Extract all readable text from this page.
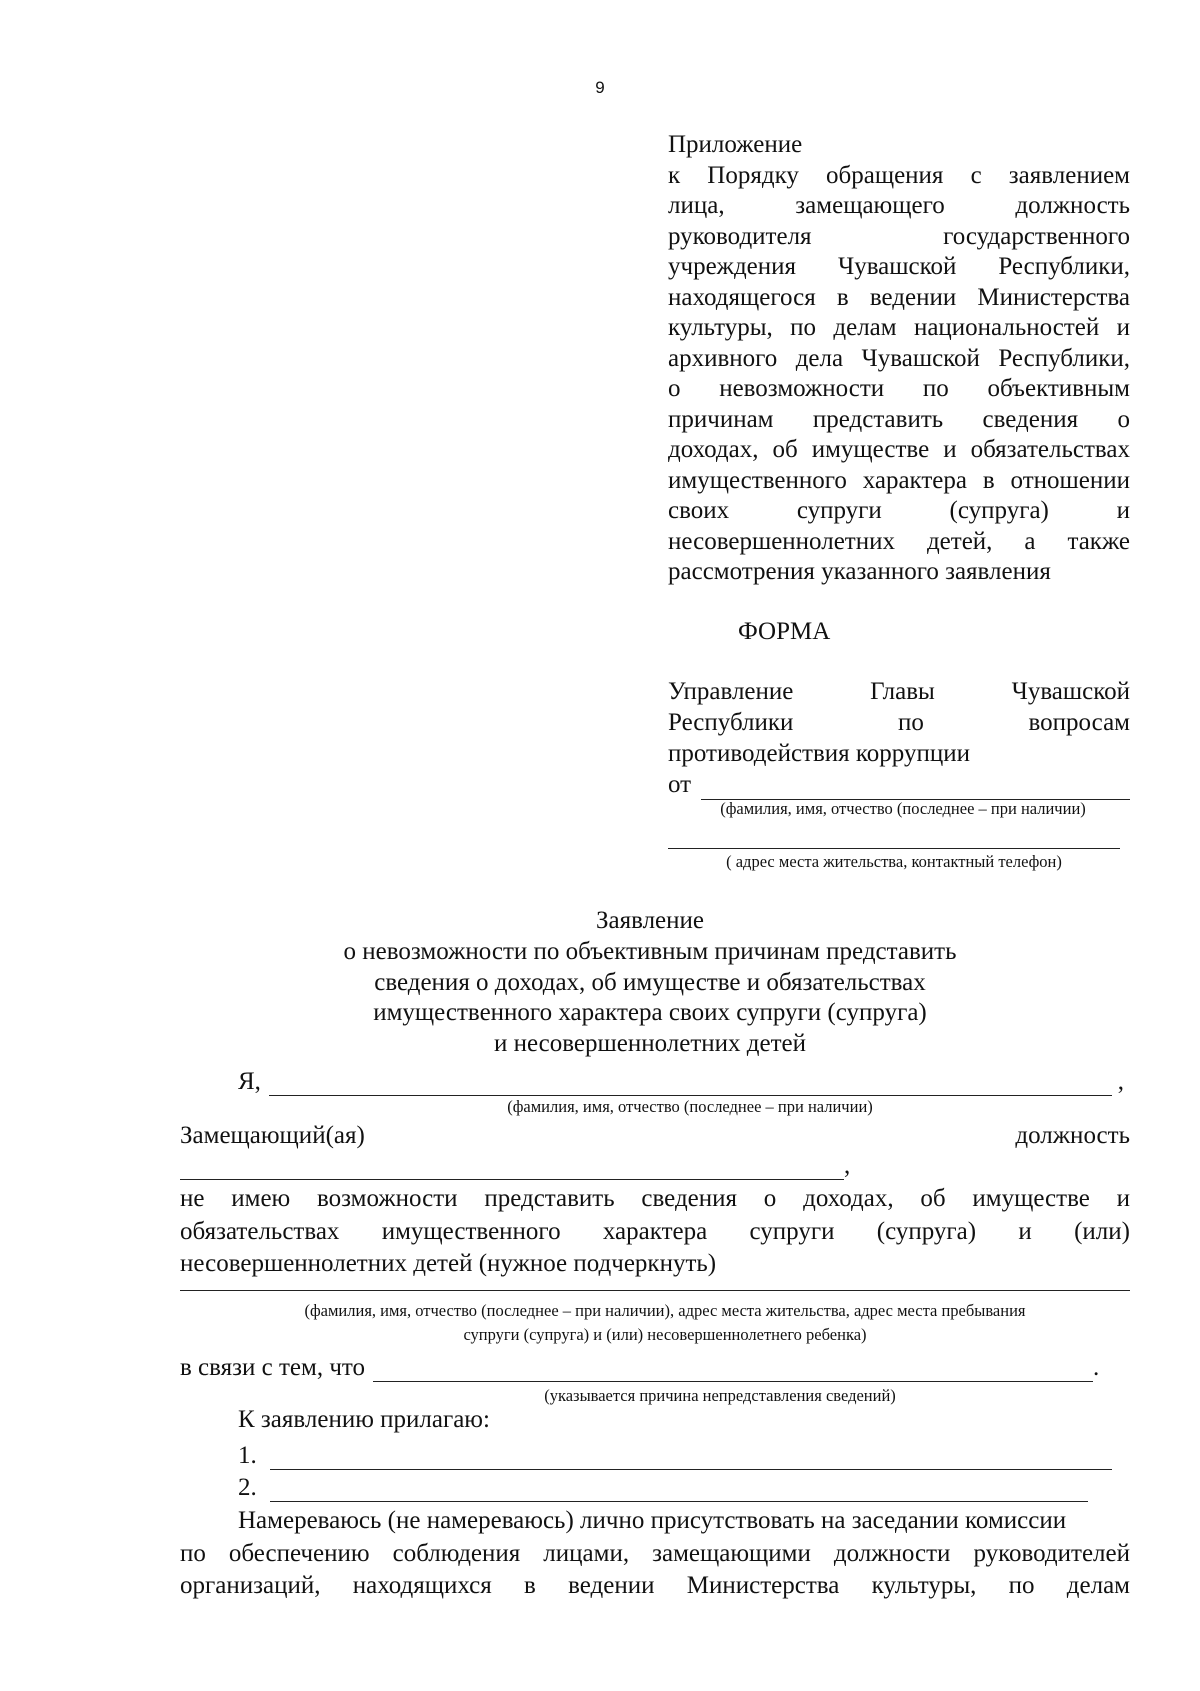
9
Приложение
к Порядку обращения с заявлением
лица, замещающего должность
руководителя государственного
учреждения Чувашской Республики,
находящегося в ведении Министерства
культуры, по делам национальностей и
архивного дела Чувашской Республики,
о невозможности по объективным
причинам представить сведения о
доходах, об имуществе и обязательствах
имущественного характера в отношении
своих супруги (супруга) и
несовершеннолетних детей, а также
рассмотрения указанного заявления
ФОРМА
Управление Главы Чувашской
Республики по вопросам
противодействия коррупции
от
(фамилия, имя, отчество (последнее – при наличии)
( адрес места жительства, контактный телефон)
Заявление
о невозможности по объективным причинам представить
сведения о доходах, об имуществе и обязательствах
имущественного характера своих супруги (супруга)
и несовершеннолетних детей
Я,	,
(фамилия, имя, отчество (последнее – при наличии)
Замещающий(ая)	должность
,
не имею возможности представить сведения о доходах, об имуществе и
обязательствах имущественного характера супруги (супруга) и (или)
несовершеннолетних детей (нужное подчеркнуть)
(фамилия, имя, отчество (последнее – при наличии), адрес места жительства, адрес места пребывания
супруги (супруга) и (или) несовершеннолетнего ребенка)
в связи с тем, что	.
(указывается причина непредставления сведений)
К заявлению прилагаю:
1.
2.
Намереваюсь (не намереваюсь) лично присутствовать на заседании комиссии
по обеспечению соблюдения лицами, замещающими должности руководителей
организаций, находящихся в ведении Министерства культуры, по делам
